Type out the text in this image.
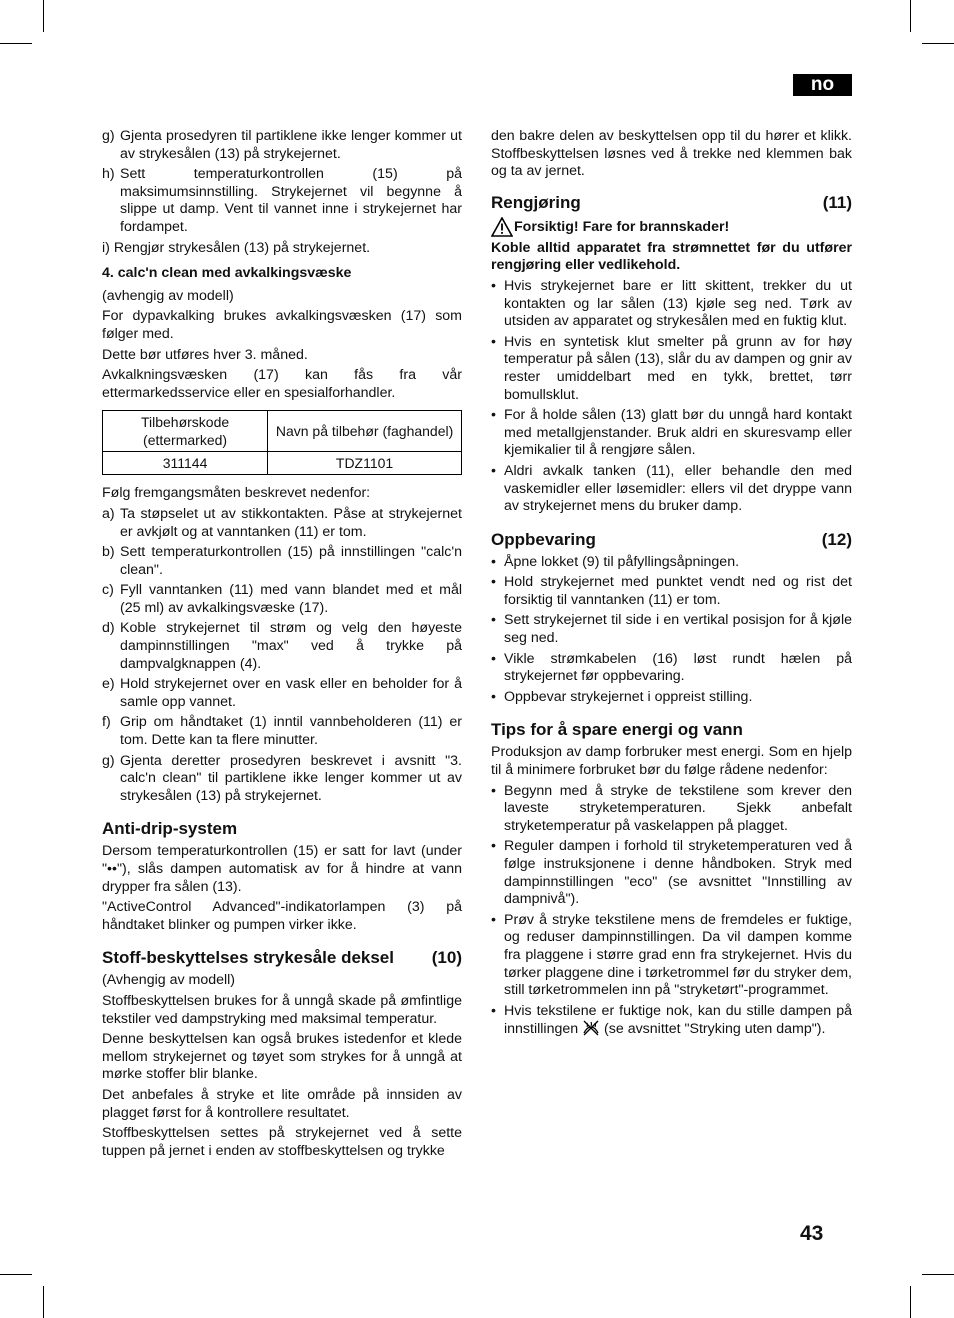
no
g) Gjenta prosedyren til partiklene ikke lenger kommer ut av strykesålen (13) på strykejernet.
h) Sett temperaturkontrollen (15) på maksimumsinnstilling. Strykejernet vil begynne å slippe ut damp. Vent til vannet inne i strykejernet har fordampet.
i) Rengjør strykesålen (13) på strykejernet.
4. calc'n clean med avkalkingsvæske
(avhengig av modell)
For dypavkalking brukes avkalkingsvæsken (17) som følger med.
Dette bør utføres hver 3. måned.
Avkalkningsvæsken (17) kan fås fra vår ettermarkedsservice eller en spesialforhandler.
Tilbehørskode (ettermarked)	Navn på tilbehør (faghandel)
311144	TDZ1101
Følg fremgangsmåten beskrevet nedenfor:
a) Ta støpselet ut av stikkontakten. Påse at strykejernet er avkjølt og at vanntanken (11) er tom.
b) Sett temperaturkontrollen (15) på innstillingen "calc'n clean".
c) Fyll vanntanken (11) med vann blandet med et mål (25 ml) av avkalkingsvæske (17).
d) Koble strykejernet til strøm og velg den høyeste dampinnstillingen "max" ved å trykke på dampvalgknappen (4).
e) Hold strykejernet over en vask eller en beholder for å samle opp vannet.
f) Grip om håndtaket (1) inntil vannbeholderen (11) er tom. Dette kan ta flere minutter.
g) Gjenta deretter prosedyren beskrevet i avsnitt "3. calc'n clean" til partiklene ikke lenger kommer ut av strykesålen (13) på strykejernet.
Anti-drip-system
Dersom temperaturkontrollen (15) er satt for lavt (under "••"), slås dampen automatisk av for å hindre at vann drypper fra sålen (13).
"ActiveControl Advanced"-indikatorlampen (3) på håndtaket blinker og pumpen virker ikke.
Stoff-beskyttelses strykesåle deksel (10)
(Avhengig av modell)
Stoffbeskyttelsen brukes for å unngå skade på ømfintlige tekstiler ved dampstryking med maksimal temperatur.
Denne beskyttelsen kan også brukes istedenfor et klede mellom strykejernet og tøyet som strykes for å unngå at mørke stoffer blir blanke.
Det anbefales å stryke et lite område på innsiden av plagget først for å kontrollere resultatet.
Stoffbeskyttelsen settes på strykejernet ved å sette tuppen på jernet i enden av stoffbeskyttelsen og trykke
den bakre delen av beskyttelsen opp til du hører et klikk. Stoffbeskyttelsen løsnes ved å trekke ned klemmen bak og ta av jernet.
Rengjøring	(11)
Forsiktig! Fare for brannskader!
Koble alltid apparatet fra strømnettet før du utfører rengjøring eller vedlikehold.
• Hvis strykejernet bare er litt skittent, trekker du ut kontakten og lar sålen (13) kjøle seg ned. Tørk av utsiden av apparatet og strykesålen med en fuktig klut.
• Hvis en syntetisk klut smelter på grunn av for høy temperatur på sålen (13), slår du av dampen og gnir av rester umiddelbart med en tykk, brettet, tørr bomullsklut.
• For å holde sålen (13) glatt bør du unngå hard kontakt med metallgjenstander. Bruk aldri en skuresvamp eller kjemikalier til å rengjøre sålen.
• Aldri avkalk tanken (11), eller behandle den med vaskemidler eller løsemidler: ellers vil det dryppe vann av strykejernet mens du bruker damp.
Oppbevaring	(12)
• Åpne lokket (9) til påfyllingsåpningen.
• Hold strykejernet med punktet vendt ned og rist det forsiktig til vanntanken (11) er tom.
• Sett strykejernet til side i en vertikal posisjon for å kjøle seg ned.
• Vikle strømkabelen (16) løst rundt hælen på strykejernet før oppbevaring.
• Oppbevar strykejernet i oppreist stilling.
Tips for å spare energi og vann
Produksjon av damp forbruker mest energi. Som en hjelp til å minimere forbruket bør du følge rådene nedenfor:
• Begynn med å stryke de tekstilene som krever den laveste stryketemperaturen. Sjekk anbefalt stryketemperatur på vaskelappen på plagget.
• Reguler dampen i forhold til stryketemperaturen ved å følge instruksjonene i denne håndboken. Stryk med dampinnstillingen "eco" (se avsnittet "Innstilling av dampnivå").
• Prøv å stryke tekstilene mens de fremdeles er fuktige, og reduser dampinnstillingen. Da vil dampen komme fra plaggene i større grad enn fra strykejernet. Hvis du tørker plaggene dine i tørketrommel før du stryker dem, still tørketrommelen inn på "stryketørt"-programmet.
• Hvis tekstilene er fuktige nok, kan du stille dampen på innstillingen (se avsnittet "Stryking uten damp").
43
